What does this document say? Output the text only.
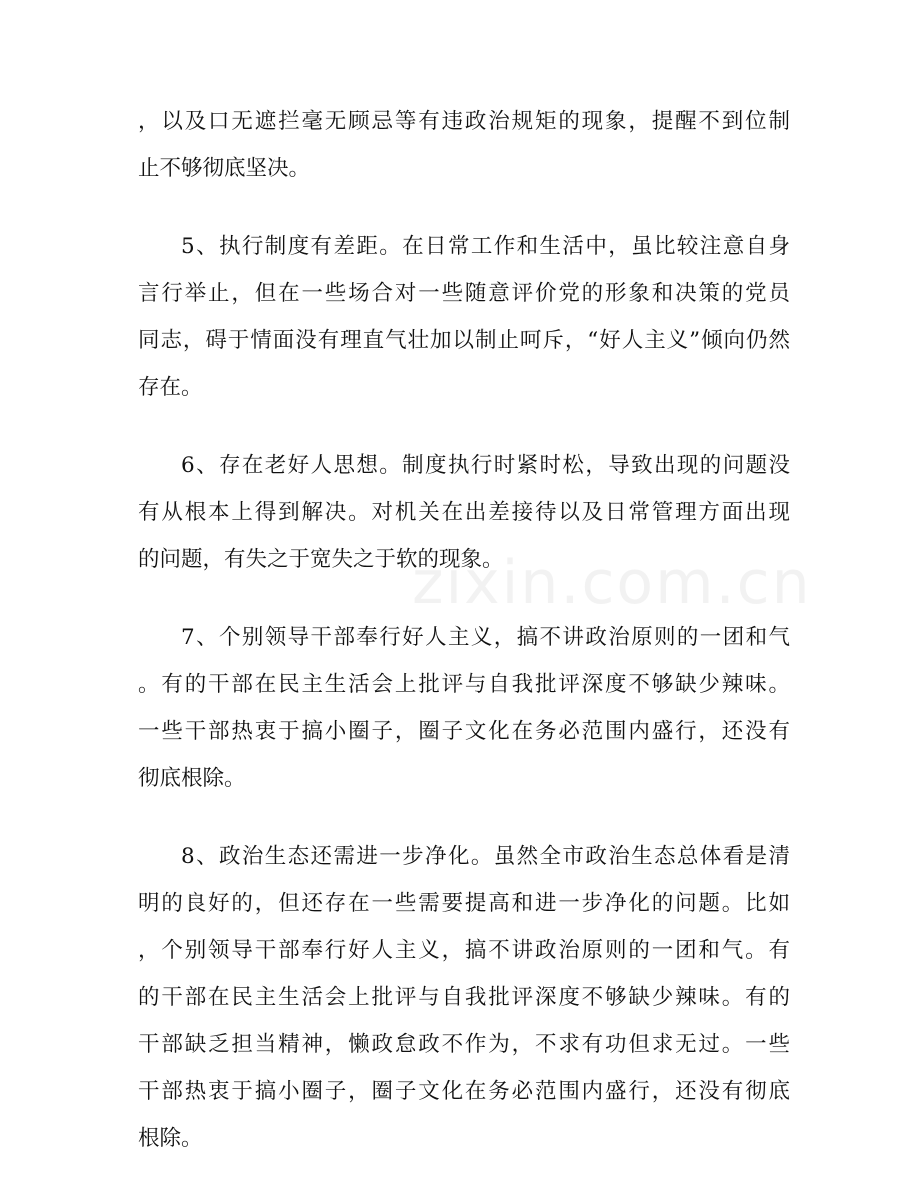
，以及口无遮拦毫无顾忌等有违政治规矩的现象，提醒不到位制
止不够彻底坚决。
5、执行制度有差距。在日常工作和生活中，虽比较注意自身
言行举止，但在一些场合对一些随意评价党的形象和决策的党员
同志，碍于情面没有理直气壮加以制止呵斥，“好人主义”倾向仍然
存在。
6、存在老好人思想。制度执行时紧时松，导致出现的问题没
有从根本上得到解决。对机关在出差接待以及日常管理方面出现
的问题，有失之于宽失之于软的现象。
7、个别领导干部奉行好人主义，搞不讲政治原则的一团和气
。有的干部在民主生活会上批评与自我批评深度不够缺少辣味。
一些干部热衷于搞小圈子，圈子文化在务必范围内盛行，还没有
彻底根除。
8、政治生态还需进一步净化。虽然全市政治生态总体看是清
明的良好的，但还存在一些需要提高和进一步净化的问题。比如
，个别领导干部奉行好人主义，搞不讲政治原则的一团和气。有
的干部在民主生活会上批评与自我批评深度不够缺少辣味。有的
干部缺乏担当精神，懒政怠政不作为，不求有功但求无过。一些
干部热衷于搞小圈子，圈子文化在务必范围内盛行，还没有彻底
根除。
zixin.com.cn
